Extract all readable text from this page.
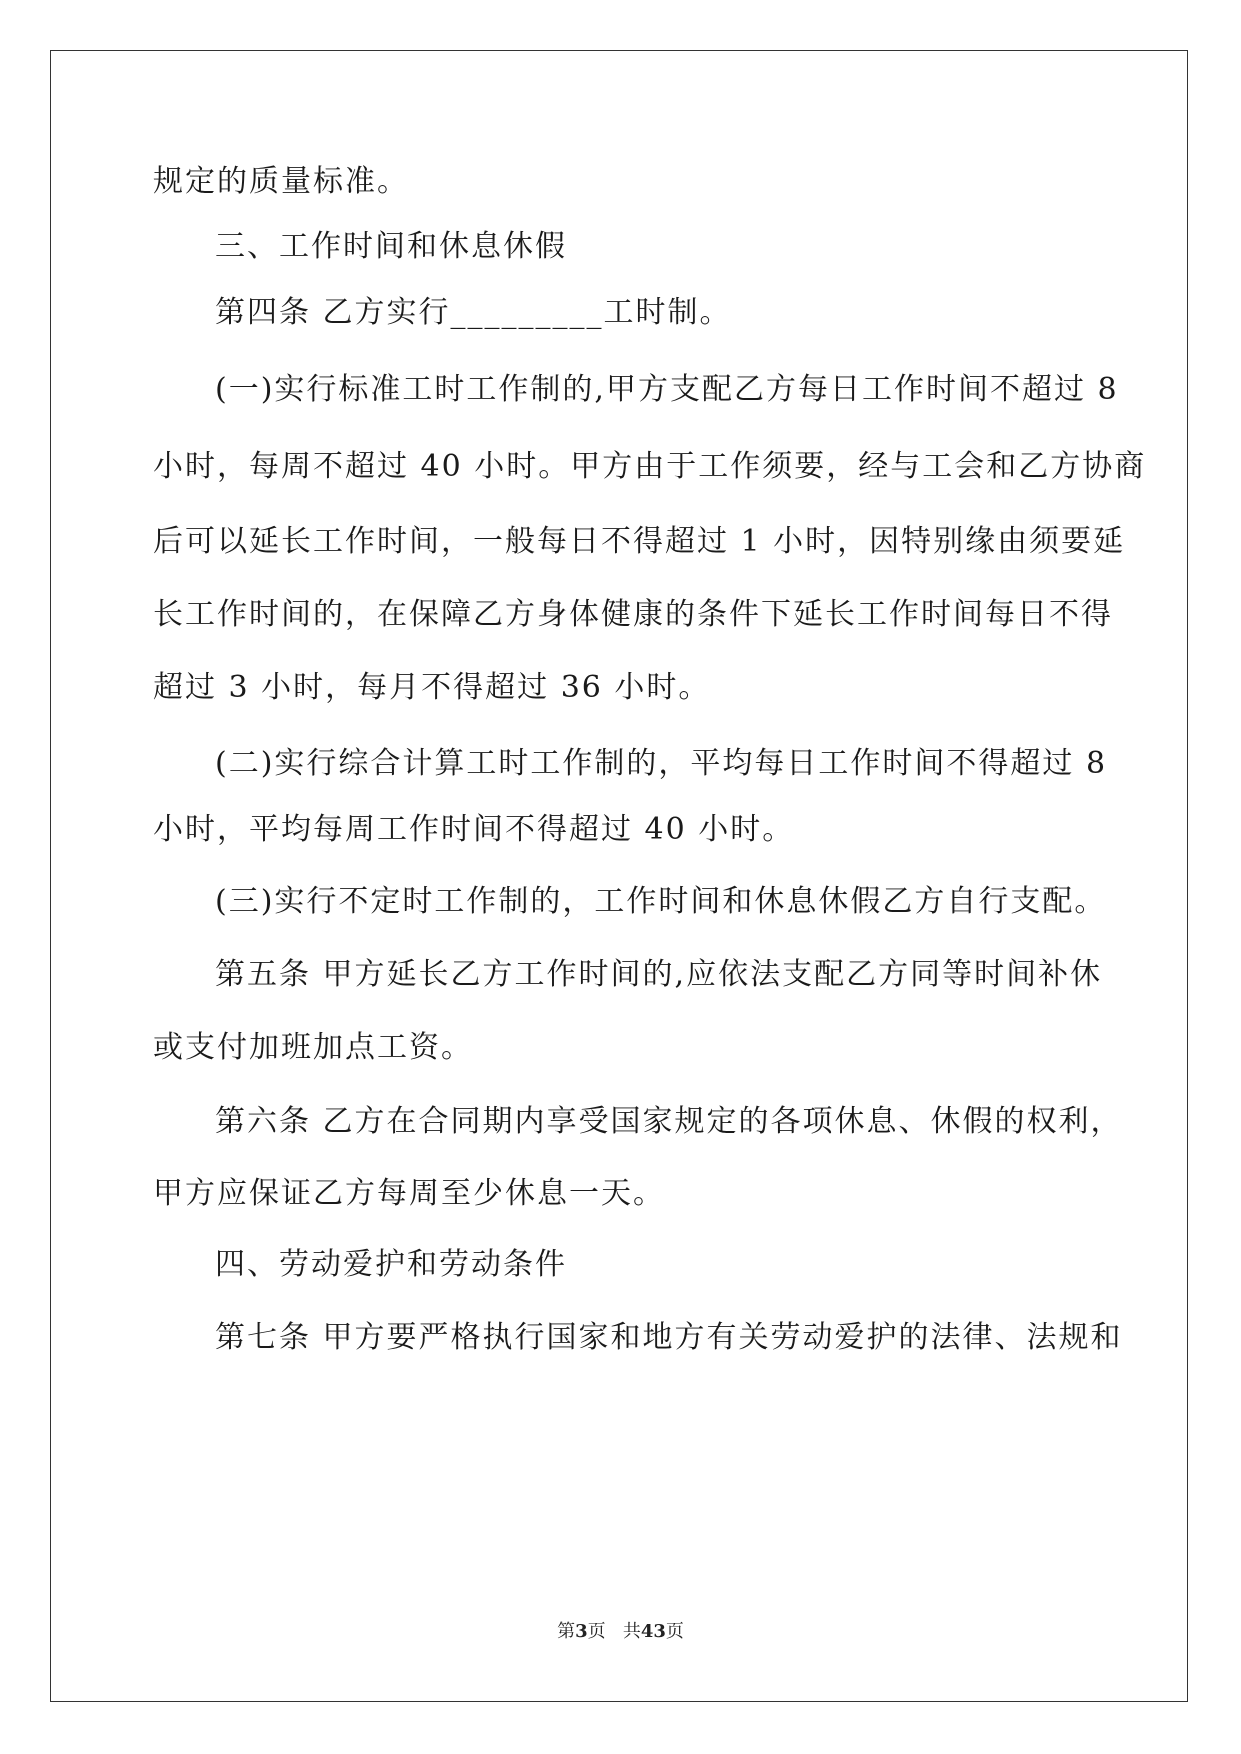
规定的质量标准。
三、工作时间和休息休假
第四条 乙方实行_________工时制。
(一)实行标准工时工作制的,甲方支配乙方每日工作时间不超过 8
小时，每周不超过 40 小时。甲方由于工作须要，经与工会和乙方协商
后可以延长工作时间，一般每日不得超过 1 小时，因特别缘由须要延
长工作时间的，在保障乙方身体健康的条件下延长工作时间每日不得
超过 3 小时，每月不得超过 36 小时。
(二)实行综合计算工时工作制的，平均每日工作时间不得超过 8
小时，平均每周工作时间不得超过 40 小时。
(三)实行不定时工作制的，工作时间和休息休假乙方自行支配。
第五条 甲方延长乙方工作时间的,应依法支配乙方同等时间补休
或支付加班加点工资。
第六条 乙方在合同期内享受国家规定的各项休息、休假的权利，
甲方应保证乙方每周至少休息一天。
四、劳动爱护和劳动条件
第七条 甲方要严格执行国家和地方有关劳动爱护的法律、法规和
第3页 共43页
